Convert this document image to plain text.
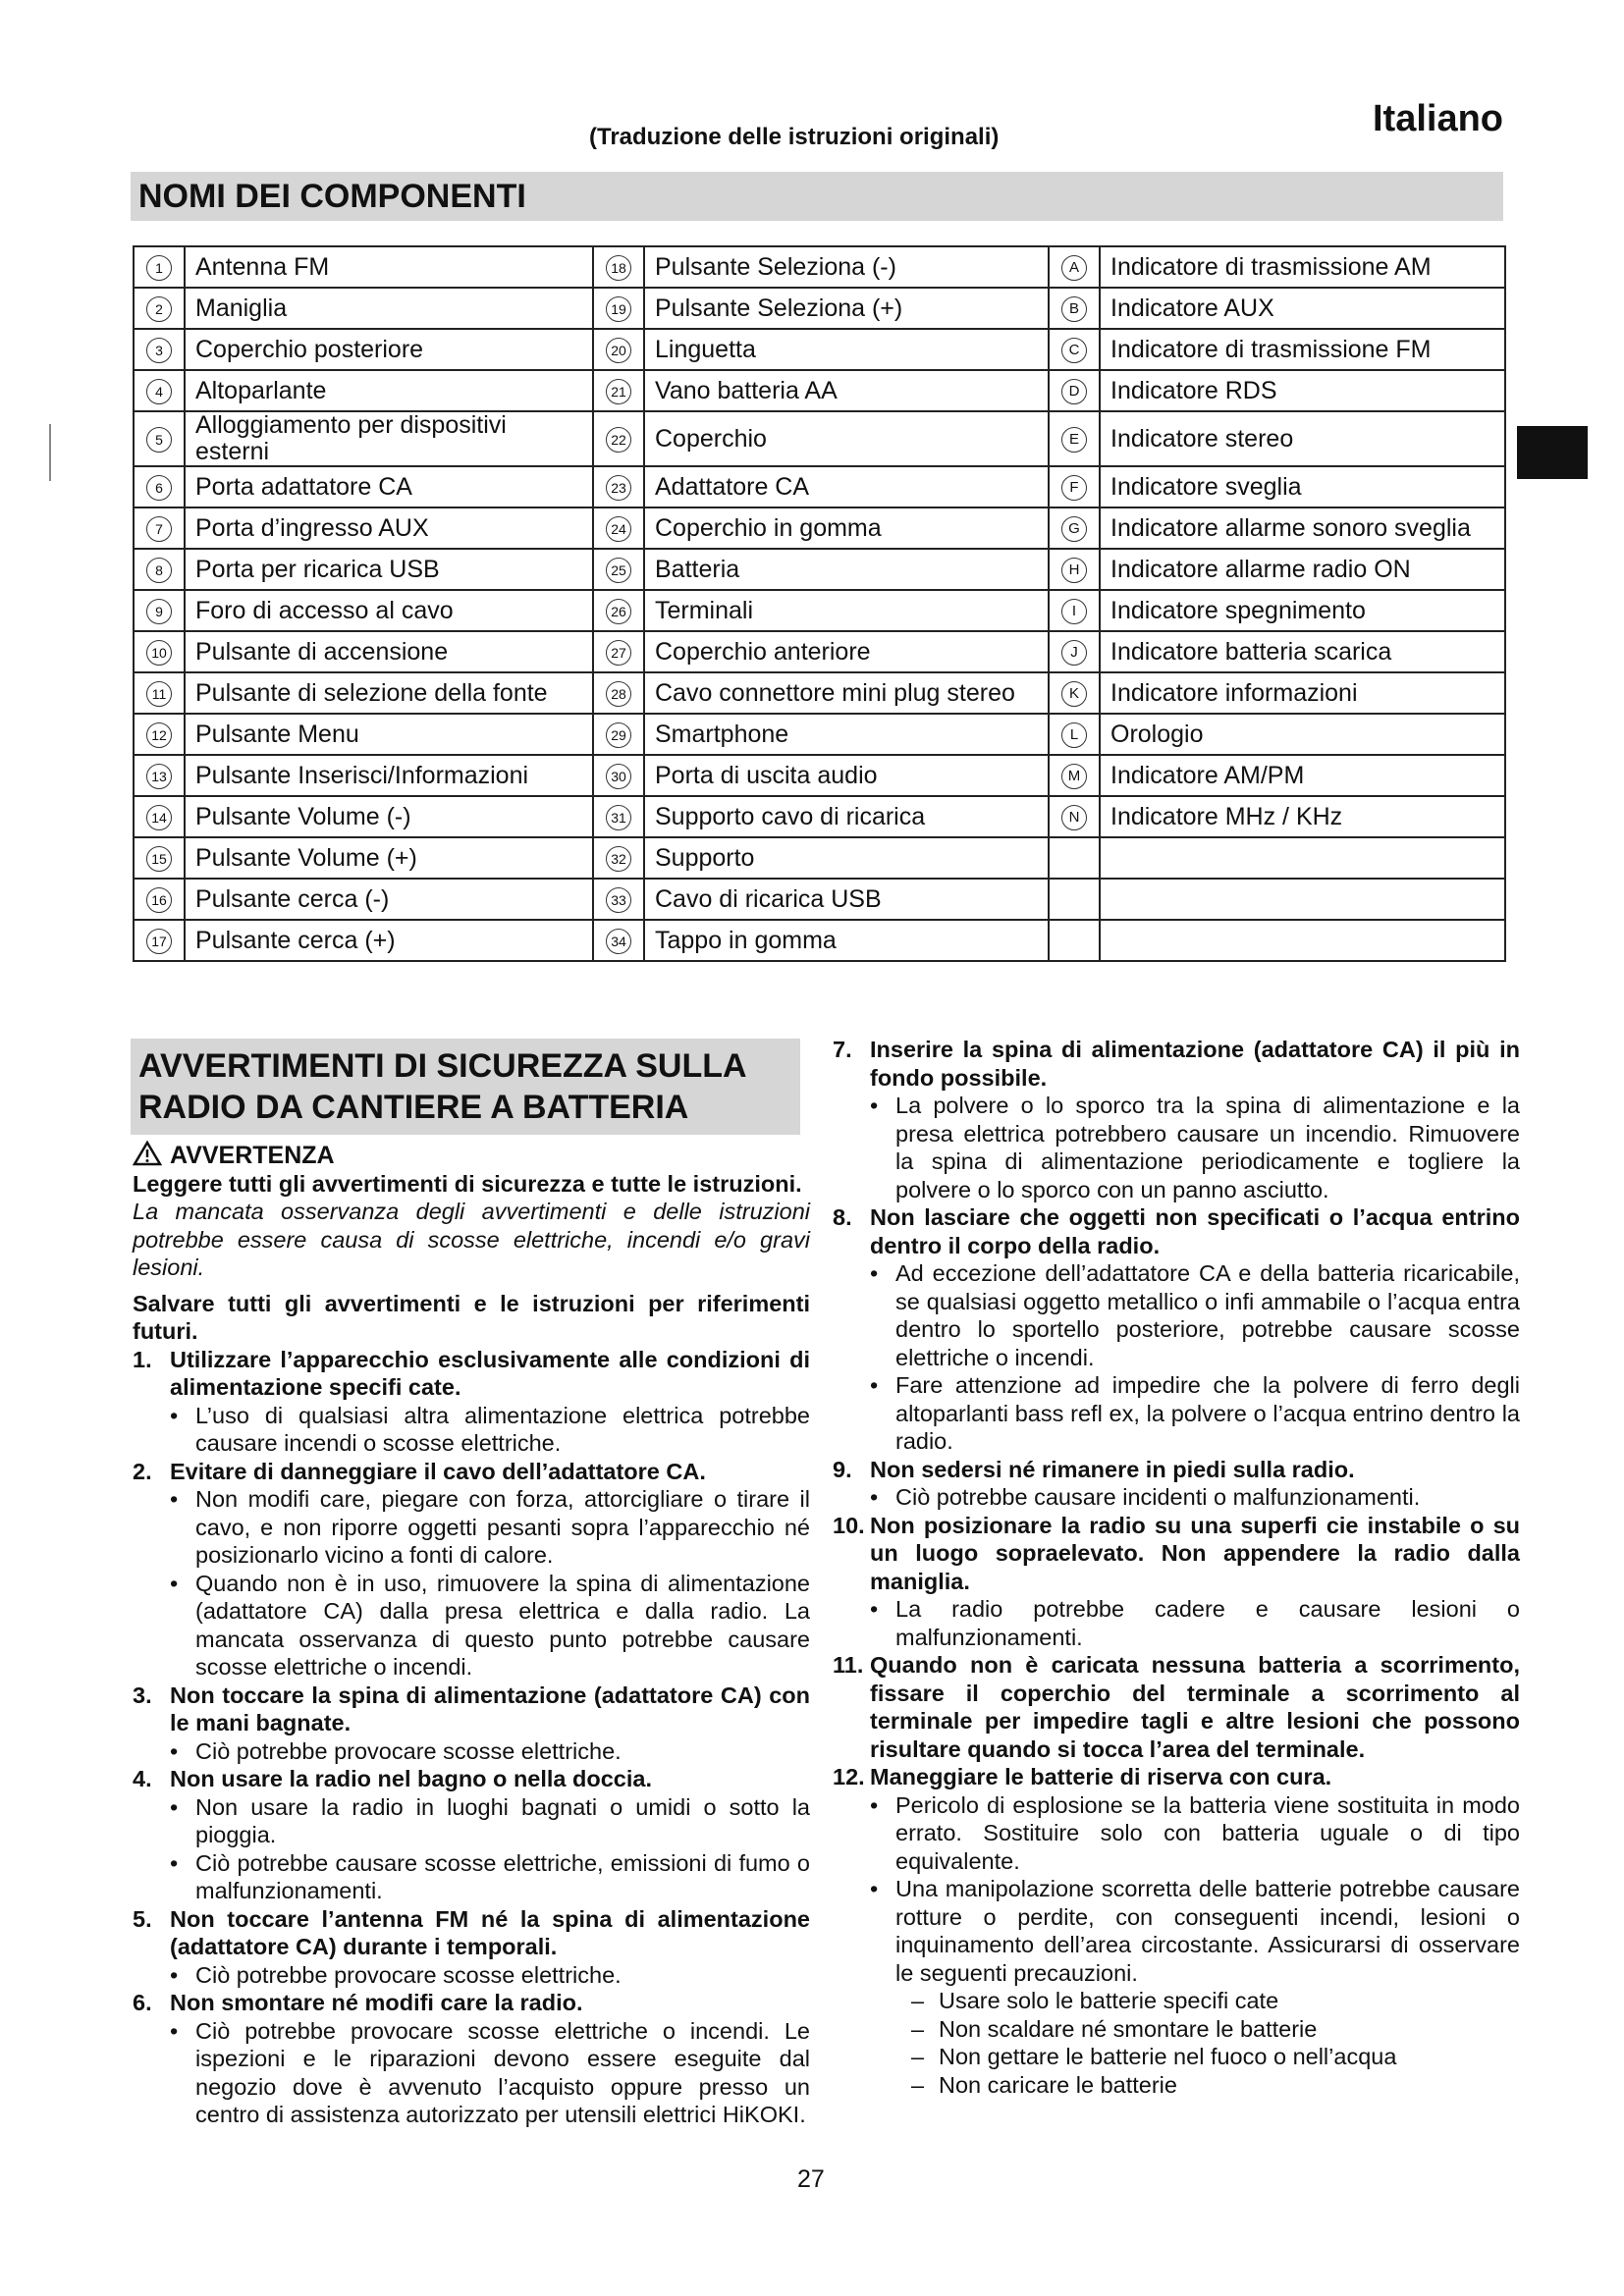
(Traduzione delle istruzioni originali)	Italiano
NOMI DEI COMPONENTI
1	Antenna FM	18	Pulsante Seleziona (-)	A	Indicatore di trasmissione AM
2	Maniglia	19	Pulsante Seleziona (+)	B	Indicatore AUX
3	Coperchio posteriore	20	Linguetta	C	Indicatore di trasmissione FM
4	Altoparlante	21	Vano batteria AA	D	Indicatore RDS
5	Alloggiamento per dispositivi esterni	22	Coperchio	E	Indicatore stereo
6	Porta adattatore CA	23	Adattatore CA	F	Indicatore sveglia
7	Porta d’ingresso AUX	24	Coperchio in gomma	G	Indicatore allarme sonoro sveglia
8	Porta per ricarica USB	25	Batteria	H	Indicatore allarme radio ON
9	Foro di accesso al cavo	26	Terminali	I	Indicatore spegnimento
10	Pulsante di accensione	27	Coperchio anteriore	J	Indicatore batteria scarica
11	Pulsante di selezione della fonte	28	Cavo connettore mini plug stereo	K	Indicatore informazioni
12	Pulsante Menu	29	Smartphone	L	Orologio
13	Pulsante Inserisci/Informazioni	30	Porta di uscita audio	M	Indicatore AM/PM
14	Pulsante Volume (-)	31	Supporto cavo di ricarica	N	Indicatore MHz / KHz
15	Pulsante Volume (+)	32	Supporto		
16	Pulsante cerca (-)	33	Cavo di ricarica USB		
17	Pulsante cerca (+)	34	Tappo in gomma		
AVVERTIMENTI DI SICUREZZA SULLA
RADIO DA CANTIERE A BATTERIA
AVVERTENZA

Leggere tutti gli avvertimenti di sicurezza e tutte le istruzioni.

La mancata osservanza degli avvertimenti e delle istruzioni potrebbe essere causa di scosse elettriche, incendi e/o gravi lesioni.

Salvare tutti gli avvertimenti e le istruzioni per riferimenti futuri.

1. Utilizzare l’apparecchio esclusivamente alle condizioni di alimentazione specifi cate.
• L’uso di qualsiasi altra alimentazione elettrica potrebbe causare incendi o scosse elettriche.
2. Evitare di danneggiare il cavo dell’adattatore CA.
• Non modifi care, piegare con forza, attorcigliare o tirare il cavo, e non riporre oggetti pesanti sopra l’apparecchio né posizionarlo vicino a fonti di calore.
• Quando non è in uso, rimuovere la spina di alimentazione (adattatore CA) dalla presa elettrica e dalla radio. La mancata osservanza di questo punto potrebbe causare scosse elettriche o incendi.
3. Non toccare la spina di alimentazione (adattatore CA) con le mani bagnate.
• Ciò potrebbe provocare scosse elettriche.
4. Non usare la radio nel bagno o nella doccia.
• Non usare la radio in luoghi bagnati o umidi o sotto la pioggia.
• Ciò potrebbe causare scosse elettriche, emissioni di fumo o malfunzionamenti.
5. Non toccare l’antenna FM né la spina di alimentazione (adattatore CA) durante i temporali.
• Ciò potrebbe provocare scosse elettriche.
6. Non smontare né modifi care la radio.
• Ciò potrebbe provocare scosse elettriche o incendi. Le ispezioni e le riparazioni devono essere eseguite dal negozio dove è avvenuto l’acquisto oppure presso un centro di assistenza autorizzato per utensili elettrici HiKOKI.
7. Inserire la spina di alimentazione (adattatore CA) il più in fondo possibile.
• La polvere o lo sporco tra la spina di alimentazione e la presa elettrica potrebbero causare un incendio. Rimuovere la spina di alimentazione periodicamente e togliere la polvere o lo sporco con un panno asciutto.
8. Non lasciare che oggetti non specificati o l’acqua entrino dentro il corpo della radio.
• Ad eccezione dell’adattatore CA e della batteria ricaricabile, se qualsiasi oggetto metallico o infi ammabile o l’acqua entra dentro lo sportello posteriore, potrebbe causare scosse elettriche o incendi.
• Fare attenzione ad impedire che la polvere di ferro degli altoparlanti bass refl ex, la polvere o l’acqua entrino dentro la radio.
9. Non sedersi né rimanere in piedi sulla radio.
• Ciò potrebbe causare incidenti o malfunzionamenti.
10. Non posizionare la radio su una superfi cie instabile o su un luogo sopraelevato. Non appendere la radio dalla maniglia.
• La radio potrebbe cadere e causare lesioni o malfunzionamenti.
11. Quando non è caricata nessuna batteria a scorrimento, fissare il coperchio del terminale a scorrimento al terminale per impedire tagli e altre lesioni che possono risultare quando si tocca l’area del terminale.
12. Maneggiare le batterie di riserva con cura.
• Pericolo di esplosione se la batteria viene sostituita in modo errato. Sostituire solo con batteria uguale o di tipo equivalente.
• Una manipolazione scorretta delle batterie potrebbe causare rotture o perdite, con conseguenti incendi, lesioni o inquinamento dell’area circostante. Assicurarsi di osservare le seguenti precauzioni.
– Usare solo le batterie specifi cate
– Non scaldare né smontare le batterie
– Non gettare le batterie nel fuoco o nell’acqua
– Non caricare le batterie
27
